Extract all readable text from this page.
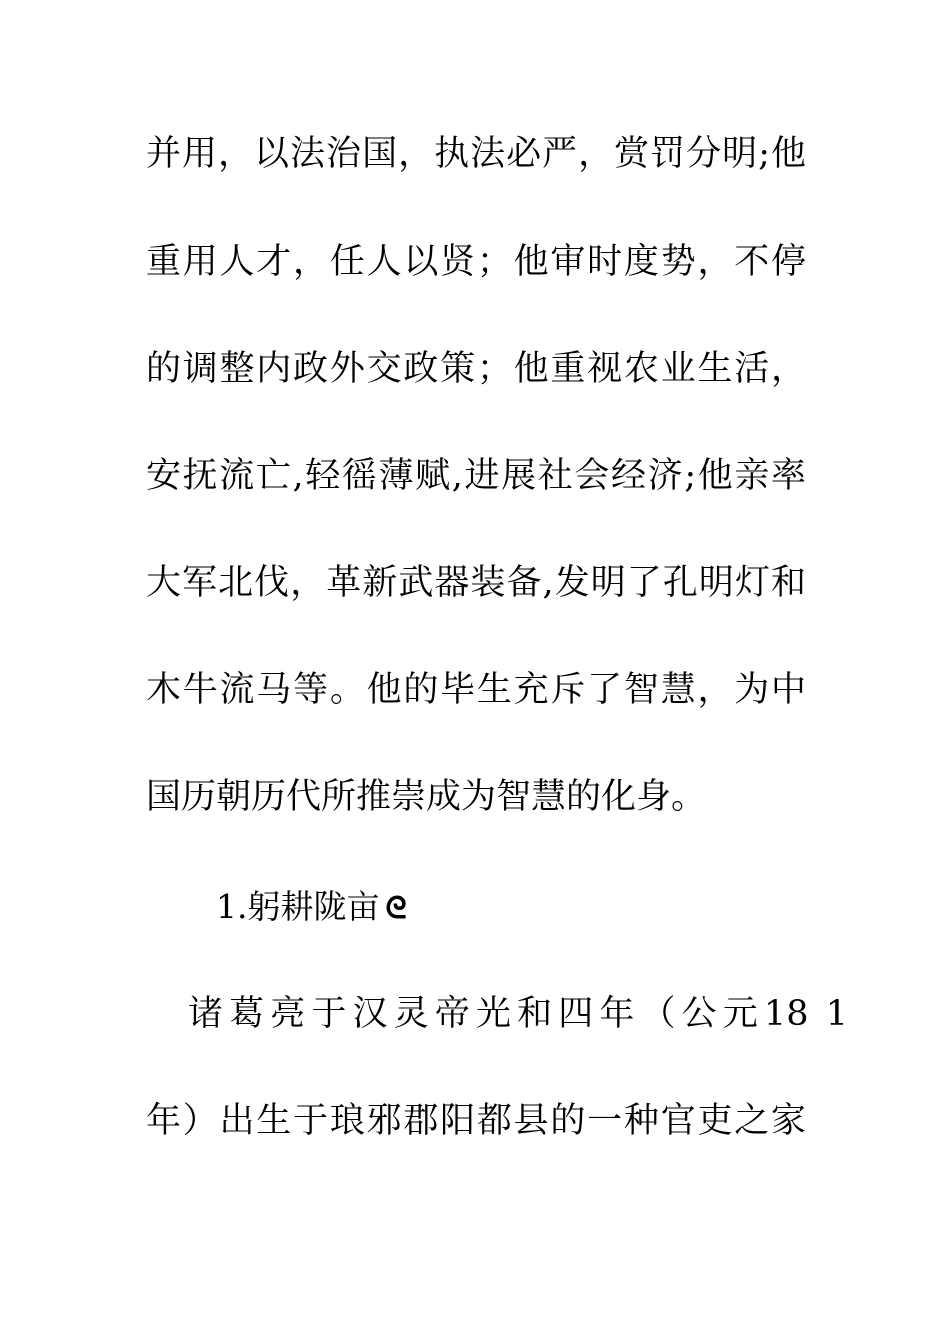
并用，以法治国，执法必严，赏罚分明;他
重用人才，任人以贤；他审时度势，不停
的调整内政外交政策；他重视农业生活，
安抚流亡,轻徭薄赋,进展社会经济;他亲率
大军北伐，革新武器装备,发明了孔明灯和
木牛流马等。他的毕生充斥了智慧，为中
国历朝历代所推崇成为智慧的化身。
1.躬耕陇亩 ᘓ
诸葛亮于汉灵帝光和四年（公元18 1
年）出生于琅邪郡阳都县的一种官吏之家
